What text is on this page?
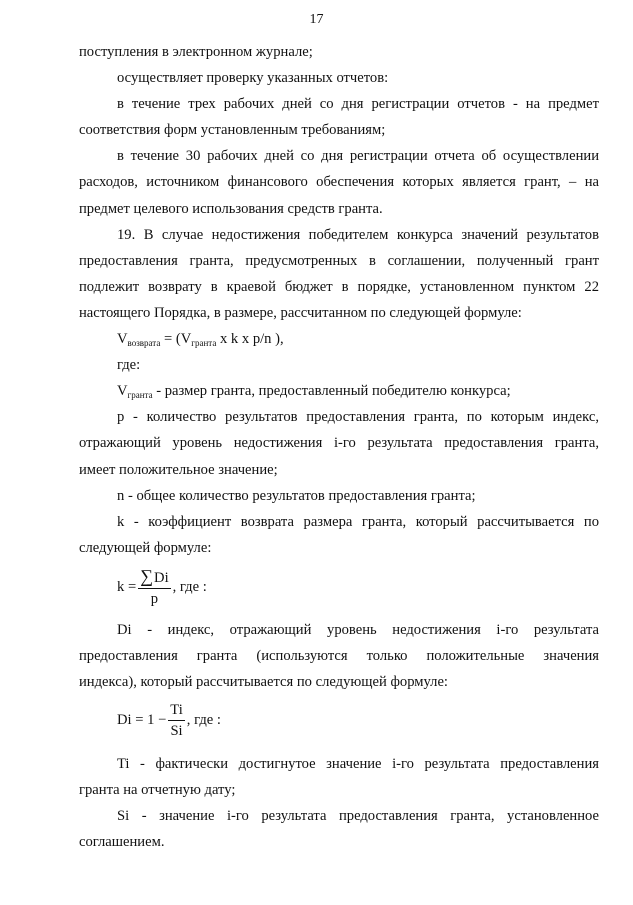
17
поступления в электронном журнале;
осуществляет проверку указанных отчетов:
в течение трех рабочих дней со дня регистрации отчетов - на предмет
соответствия форм установленным требованиям;
в течение 30 рабочих дней со дня регистрации отчета об осуществлении
расходов, источником финансового обеспечения которых является грант, – на
предмет целевого использования средств гранта.
19. В случае недостижения победителем конкурса значений результатов
предоставления гранта, предусмотренных в соглашении, полученный грант
подлежит возврату в краевой бюджет в порядке, установленном пунктом 22
настоящего Порядка, в размере, рассчитанном по следующей формуле:
$V_{возврата} = (V_{гранта}$ x k x p/n ),
где:
$V_{гранта}$ - размер гранта, предоставленный победителю конкурса;
p - количество результатов предоставления гранта, по которым индекс,
отражающий уровень недостижения i-го результата предоставления гранта,
имеет положительное значение;
n - общее количество результатов предоставления гранта;
k - коэффициент возврата размера гранта, который рассчитывается по
следующей формуле:
$k = \frac{\sum Di}{p}$ , где :
Di - индекс, отражающий уровень недостижения i-го результата
предоставления гранта (используются только положительные значения
индекса), который рассчитывается по следующей формуле:
$Di = 1 - \frac{Ti}{Si}$ , где :
Ti - фактически достигнутое значение i-го результата предоставления
гранта на отчетную дату;
Si - значение i-го результата предоставления гранта, установленное
соглашением.
